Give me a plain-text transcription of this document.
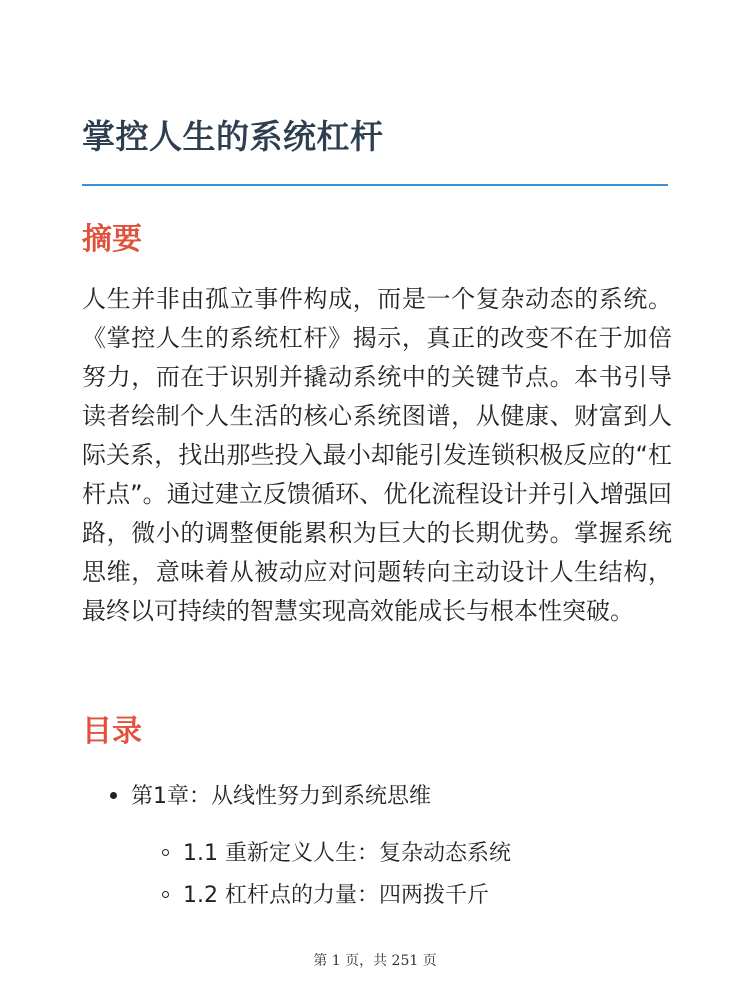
掌控人生的系统杠杆
摘要

人生并非由孤立事件构成，而是一个复杂动态的系统。《掌控人生的系统杠杆》揭示，真正的改变不在于加倍努力，而在于识别并撬动系统中的关键节点。本书引导读者绘制个人生活的核心系统图谱，从健康、财富到人际关系，找出那些投入最小却能引发连锁积极反应的“杠杆点”。通过建立反馈循环、优化流程设计并引入增强回路，微小的调整便能累积为巨大的长期优势。掌握系统思维，意味着从被动应对问题转向主动设计人生结构，最终以可持续的智慧实现高效能成长与根本性突破。

目录
第1章：从线性努力到系统思维
1.1 重新定义人生：复杂动态系统
1.2 杠杆点的力量：四两拨千斤
第 1 页，共 251 页
